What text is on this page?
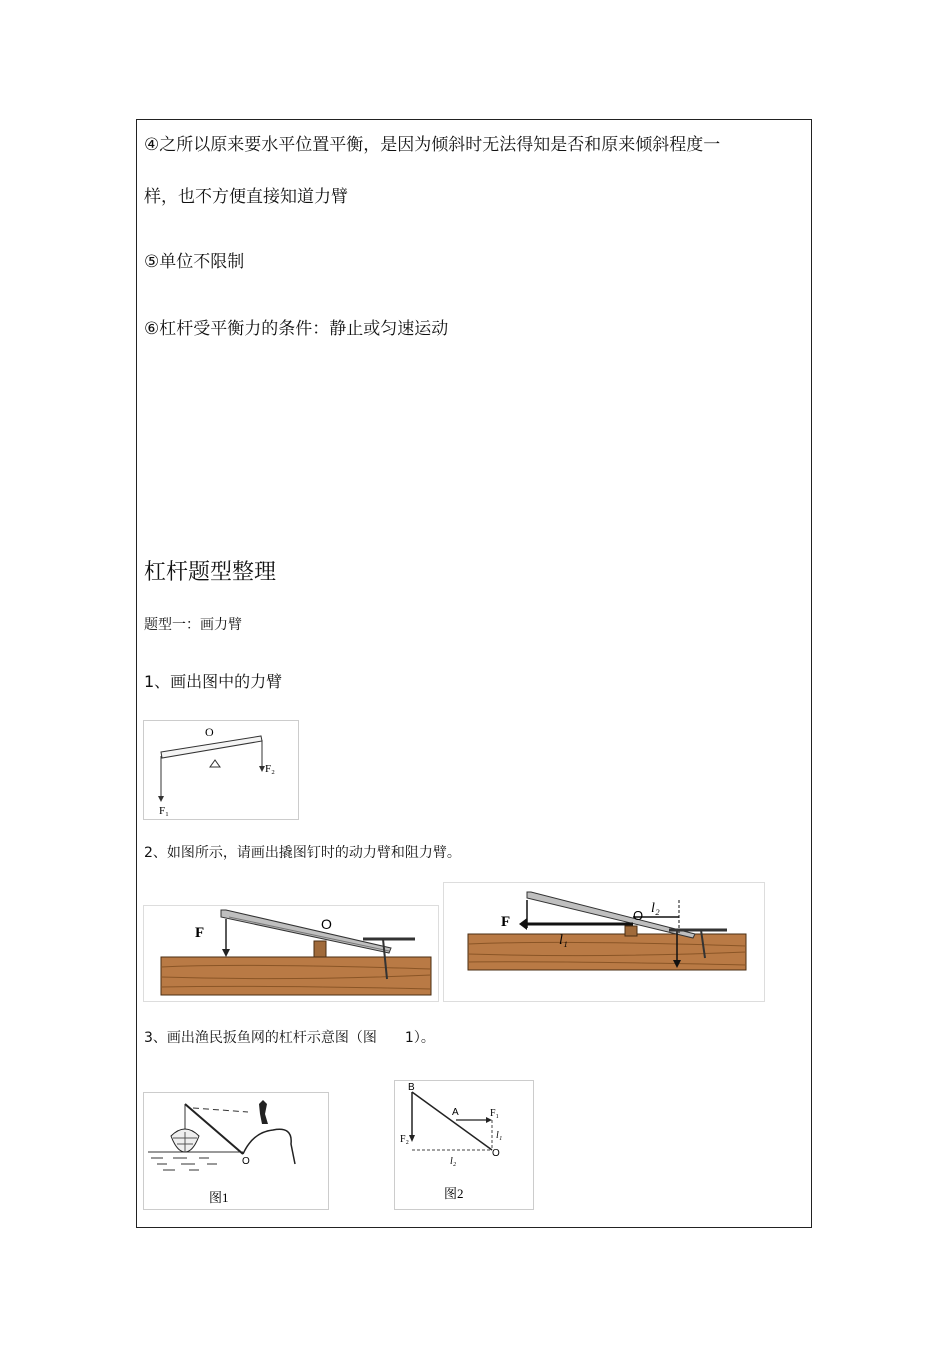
④之所以原来要水平位置平衡，是因为倾斜时无法得知是否和原来倾斜程度一
样，也不方便直接知道力臂
⑤单位不限制
⑥杠杆受平衡力的条件：静止或匀速运动
杠杆题型整理
题型一：画力臂
1、画出图中的力臂
O
F₁
F₂
2、如图所示，请画出撬图钉时的动力臂和阻力臂。
F
O	F	O l₂
l₁
3、画出渔民扳鱼网的杠杆示意图（图　　1）。
O
图1
B
A	F₁
F₂	l₁
l₂
O
图2
